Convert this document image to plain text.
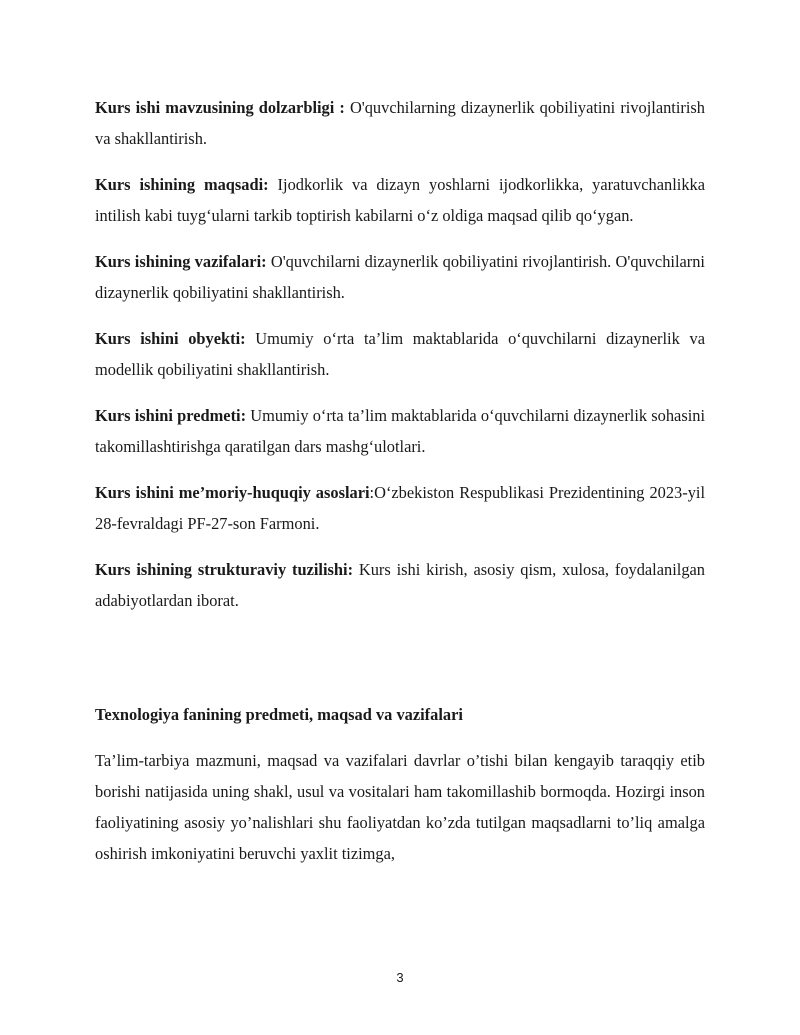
Kurs ishi mavzusining dolzarbligi : O'quvchilarning dizaynerlik qobiliyatini rivojlantirish va shakllantirish.

Kurs ishining maqsadi: Ijodkorlik va dizayn yoshlarni ijodkorlikka, yaratuvchanlikka intilish kabi tuyg‘ularni tarkib toptirish kabilarni o‘z oldiga maqsad qilib qo‘ygan.

Kurs ishining vazifalari: O'quvchilarni dizaynerlik qobiliyatini rivojlantirish. O'quvchilarni dizaynerlik qobiliyatini shakllantirish.

Kurs ishini obyekti: Umumiy o‘rta ta’lim maktablarida o‘quvchilarni dizaynerlik va modellik qobiliyatini shakllantirish.

Kurs ishini predmeti: Umumiy o‘rta ta’lim maktablarida o‘quvchilarni dizaynerlik sohasini takomillashtirishga qaratilgan dars mashg‘ulotlari.

Kurs ishini me’moriy-huquqiy asoslari:O‘zbekiston Respublikasi Prezidentining 2023-yil 28-fevraldagi PF-27-son Farmoni.

Kurs ishining strukturaviy tuzilishi: Kurs ishi kirish, asosiy qism, xulosa, foydalanilgan adabiyotlardan iborat.

Texnologiya fanining predmeti, maqsad va vazifalari

Ta’lim-tarbiya mazmuni, maqsad va vazifalari davrlar o’tishi bilan kengayib taraqqiy etib borishi natijasida uning shakl, usul va vositalari ham takomillashib bormoqda. Hozirgi inson faoliyatining asosiy yo’nalishlari shu faoliyatdan ko’zda tutilgan maqsadlarni to’liq amalga oshirish imkoniyatini beruvchi yaxlit tizimga,

3
